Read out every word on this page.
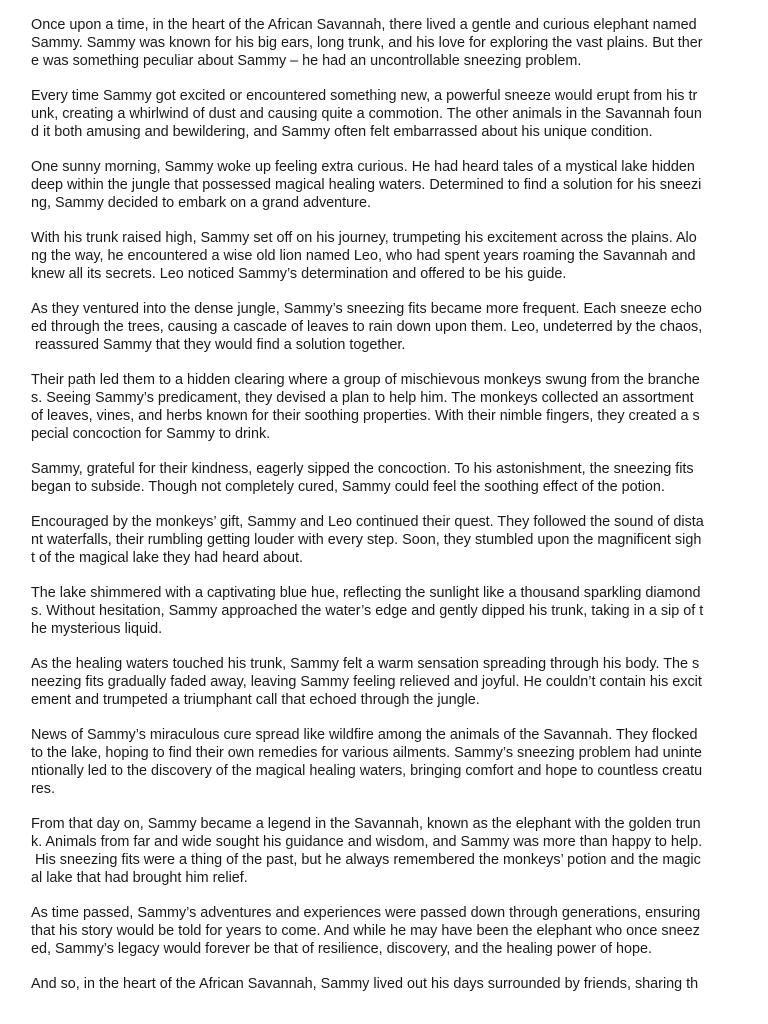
Once upon a time, in the heart of the African Savannah, there lived a gentle and curious elephant named
Sammy. Sammy was known for his big ears, long trunk, and his love for exploring the vast plains. But ther
e was something peculiar about Sammy – he had an uncontrollable sneezing problem.
Every time Sammy got excited or encountered something new, a powerful sneeze would erupt from his tr
unk, creating a whirlwind of dust and causing quite a commotion. The other animals in the Savannah foun
d it both amusing and bewildering, and Sammy often felt embarrassed about his unique condition.
One sunny morning, Sammy woke up feeling extra curious. He had heard tales of a mystical lake hidden
deep within the jungle that possessed magical healing waters. Determined to find a solution for his sneezi
ng, Sammy decided to embark on a grand adventure.
With his trunk raised high, Sammy set off on his journey, trumpeting his excitement across the plains. Alo
ng the way, he encountered a wise old lion named Leo, who had spent years roaming the Savannah and
knew all its secrets. Leo noticed Sammy’s determination and offered to be his guide.
As they ventured into the dense jungle, Sammy’s sneezing fits became more frequent. Each sneeze echo
ed through the trees, causing a cascade of leaves to rain down upon them. Leo, undeterred by the chaos,
reassured Sammy that they would find a solution together.
Their path led them to a hidden clearing where a group of mischievous monkeys swung from the branche
s. Seeing Sammy’s predicament, they devised a plan to help him. The monkeys collected an assortment
of leaves, vines, and herbs known for their soothing properties. With their nimble fingers, they created a s
pecial concoction for Sammy to drink.
Sammy, grateful for their kindness, eagerly sipped the concoction. To his astonishment, the sneezing fits
began to subside. Though not completely cured, Sammy could feel the soothing effect of the potion.
Encouraged by the monkeys’ gift, Sammy and Leo continued their quest. They followed the sound of dista
nt waterfalls, their rumbling getting louder with every step. Soon, they stumbled upon the magnificent sigh
t of the magical lake they had heard about.
The lake shimmered with a captivating blue hue, reflecting the sunlight like a thousand sparkling diamond
s. Without hesitation, Sammy approached the water’s edge and gently dipped his trunk, taking in a sip of t
he mysterious liquid.
As the healing waters touched his trunk, Sammy felt a warm sensation spreading through his body. The s
neezing fits gradually faded away, leaving Sammy feeling relieved and joyful. He couldn’t contain his excit
ement and trumpeted a triumphant call that echoed through the jungle.
News of Sammy’s miraculous cure spread like wildfire among the animals of the Savannah. They flocked
to the lake, hoping to find their own remedies for various ailments. Sammy’s sneezing problem had uninte
ntionally led to the discovery of the magical healing waters, bringing comfort and hope to countless creatu
res.
From that day on, Sammy became a legend in the Savannah, known as the elephant with the golden trun
k. Animals from far and wide sought his guidance and wisdom, and Sammy was more than happy to help.
His sneezing fits were a thing of the past, but he always remembered the monkeys’ potion and the magic
al lake that had brought him relief.
As time passed, Sammy’s adventures and experiences were passed down through generations, ensuring
that his story would be told for years to come. And while he may have been the elephant who once sneez
ed, Sammy’s legacy would forever be that of resilience, discovery, and the healing power of hope.
And so, in the heart of the African Savannah, Sammy lived out his days surrounded by friends, sharing th
